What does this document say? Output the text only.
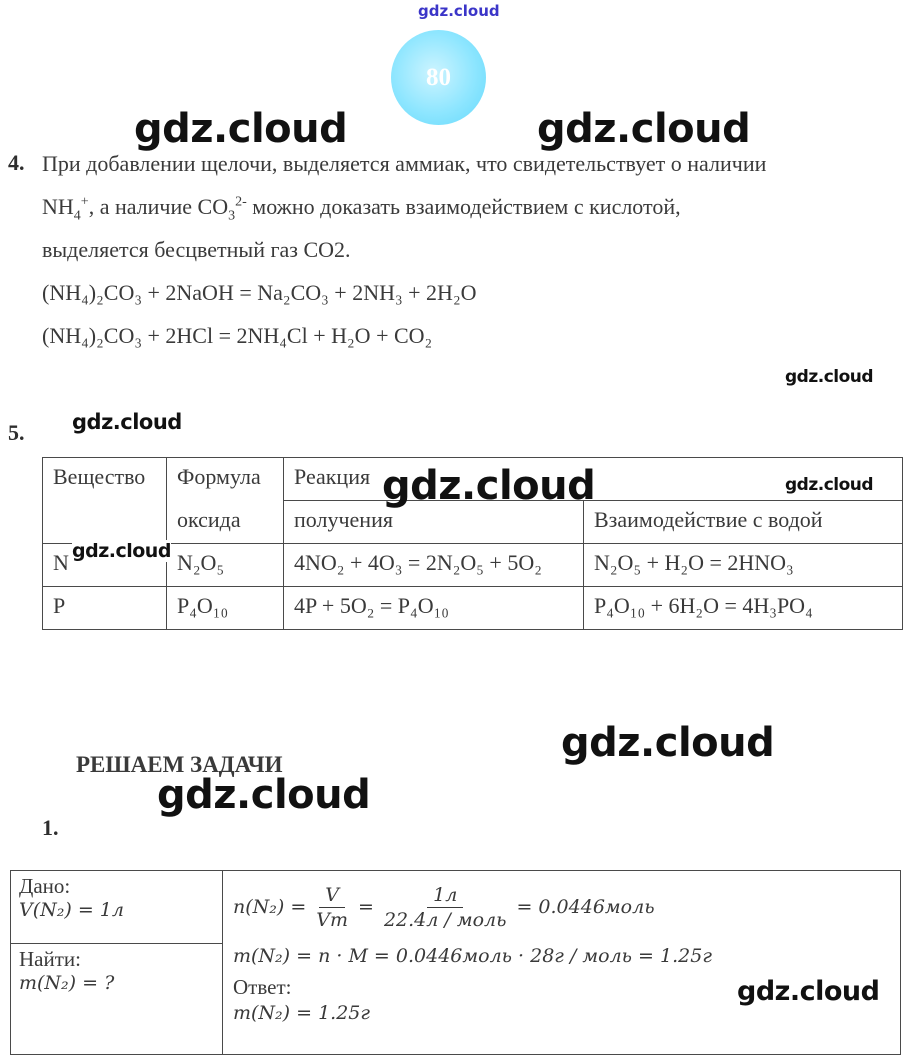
gdz.cloud
80
gdz.cloud	gdz.cloud
4. При добавлении щелочи, выделяется аммиак, что свидетельствует о наличии
$NH_4^+$, а наличие $CO_3^{2-}$ можно доказать взаимодействием с кислотой,
выделяется бесцветный газ CO2.
(NH₄)₂CO₃ + 2NaOH = Na₂CO₃ + 2NH₃ + 2H₂O
(NH₄)₂CO₃ + 2HCl = 2NH₄Cl + H₂O + CO₂
gdz.cloud
5. gdz.cloud
Вещество	Формула	Реакция	
	оксида	получения	Взаимодействие с водой
N	N₂O₅	4NO₂ + 4O₃ = 2N₂O₅ + 5O₂	N₂O₅ + H₂O = 2HNO₃
P	P₄O₁₀	4P + 5O₂ = P₄O₁₀	P₄O₁₀ + 6H₂O = 4H₃PO₄
gdz.cloud	gdz.cloud
gdz.cloud
gdz.cloud
РЕШАЕМ ЗАДАЧИ
gdz.cloud
1.
Дано:
V(N₂) = 1л	$n(N_2) = \frac{V}{Vm} = \frac{1л}{\text{22.4л / моль}}$ = 0.0446моль
m(N₂) = n · M = 0.0446моль · 28г / моль = 1.25г
Ответ:
m(N₂) = 1.25г

Найти:
m(N₂) = ?	gdz.cloud
